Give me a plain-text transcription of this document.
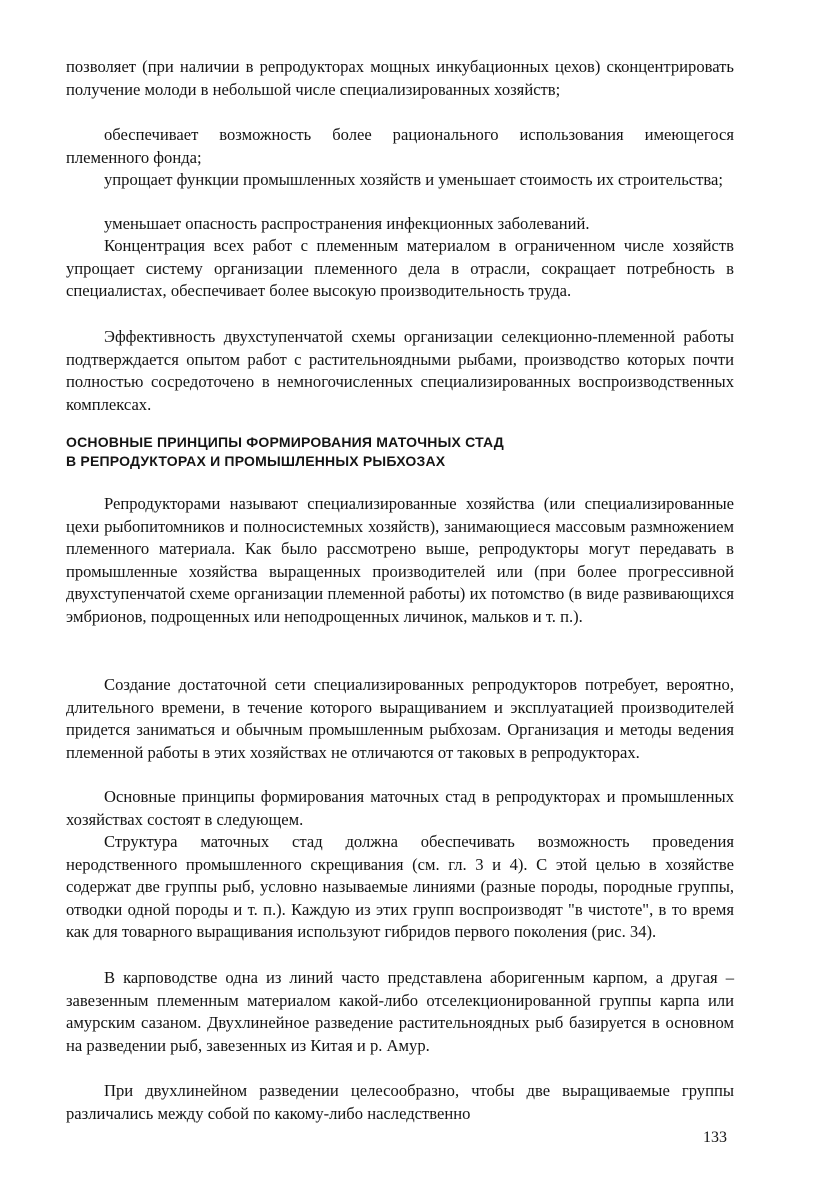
позволяет (при наличии в репродукторах мощных инкубационных цехов) сконцентрировать получение молоди в небольшой числе специализированных хозяйств;

обеспечивает возможность более рационального использования имеющегося племенного фонда;

упрощает функции промышленных хозяйств и уменьшает стоимость их строительства;

уменьшает опасность распространения инфекционных заболеваний.

Концентрация всех работ с племенным материалом в ограниченном числе хозяйств упрощает систему организации племенного дела в отрасли, сокращает потребность в специалистах, обеспечивает более высокую производительность труда.

Эффективность двухступенчатой схемы организации селекционно-племенной работы подтверждается опытом работ с растительноядными рыбами, производство которых почти полностью сосредоточено в немногочисленных специализированных воспроизводственных комплексах.

ОСНОВНЫЕ ПРИНЦИПЫ ФОРМИРОВАНИЯ МАТОЧНЫХ СТАД
В РЕПРОДУКТОРАХ И ПРОМЫШЛЕННЫХ РЫБХОЗАХ

Репродукторами называют специализированные хозяйства (или специализированные цехи рыбопитомников и полносистемных хозяйств), занимающиеся массовым размножением племенного материала. Как было рассмотрено выше, репродукторы могут передавать в промышленные хозяйства выращенных производителей или (при более прогрессивной двухступенчатой схеме организации племенной работы) их потомство (в виде развивающихся эмбрионов, подрощенных или неподрощенных личинок, мальков и т. п.).

Создание достаточной сети специализированных репродукторов потребует, вероятно, длительного времени, в течение которого выращиванием и эксплуатацией производителей придется заниматься и обычным промышленным рыбхозам. Организация и методы ведения племенной работы в этих хозяйствах не отличаются от таковых в репродукторах.

Основные принципы формирования маточных стад в репродукторах и промышленных хозяйствах состоят в следующем.

Структура маточных стад должна обеспечивать возможность проведения неродственного промышленного скрещивания (см. гл. 3 и 4). С этой целью в хозяйстве содержат две группы рыб, условно называемые линиями (разные породы, породные группы, отводки одной породы и т. п.). Каждую из этих групп воспроизводят "в чистоте", в то время как для товарного выращивания используют гибридов первого поколения (рис. 34).

В карповодстве одна из линий часто представлена аборигенным карпом, а другая – завезенным племенным материалом какой-либо отселекционированной группы карпа или амурским сазаном. Двухлинейное разведение растительноядных рыб базируется в основном на разведении рыб, завезенных из Китая и р. Амур.

При двухлинейном разведении целесообразно, чтобы две выращиваемые группы различались между собой по какому-либо наследственно

133
